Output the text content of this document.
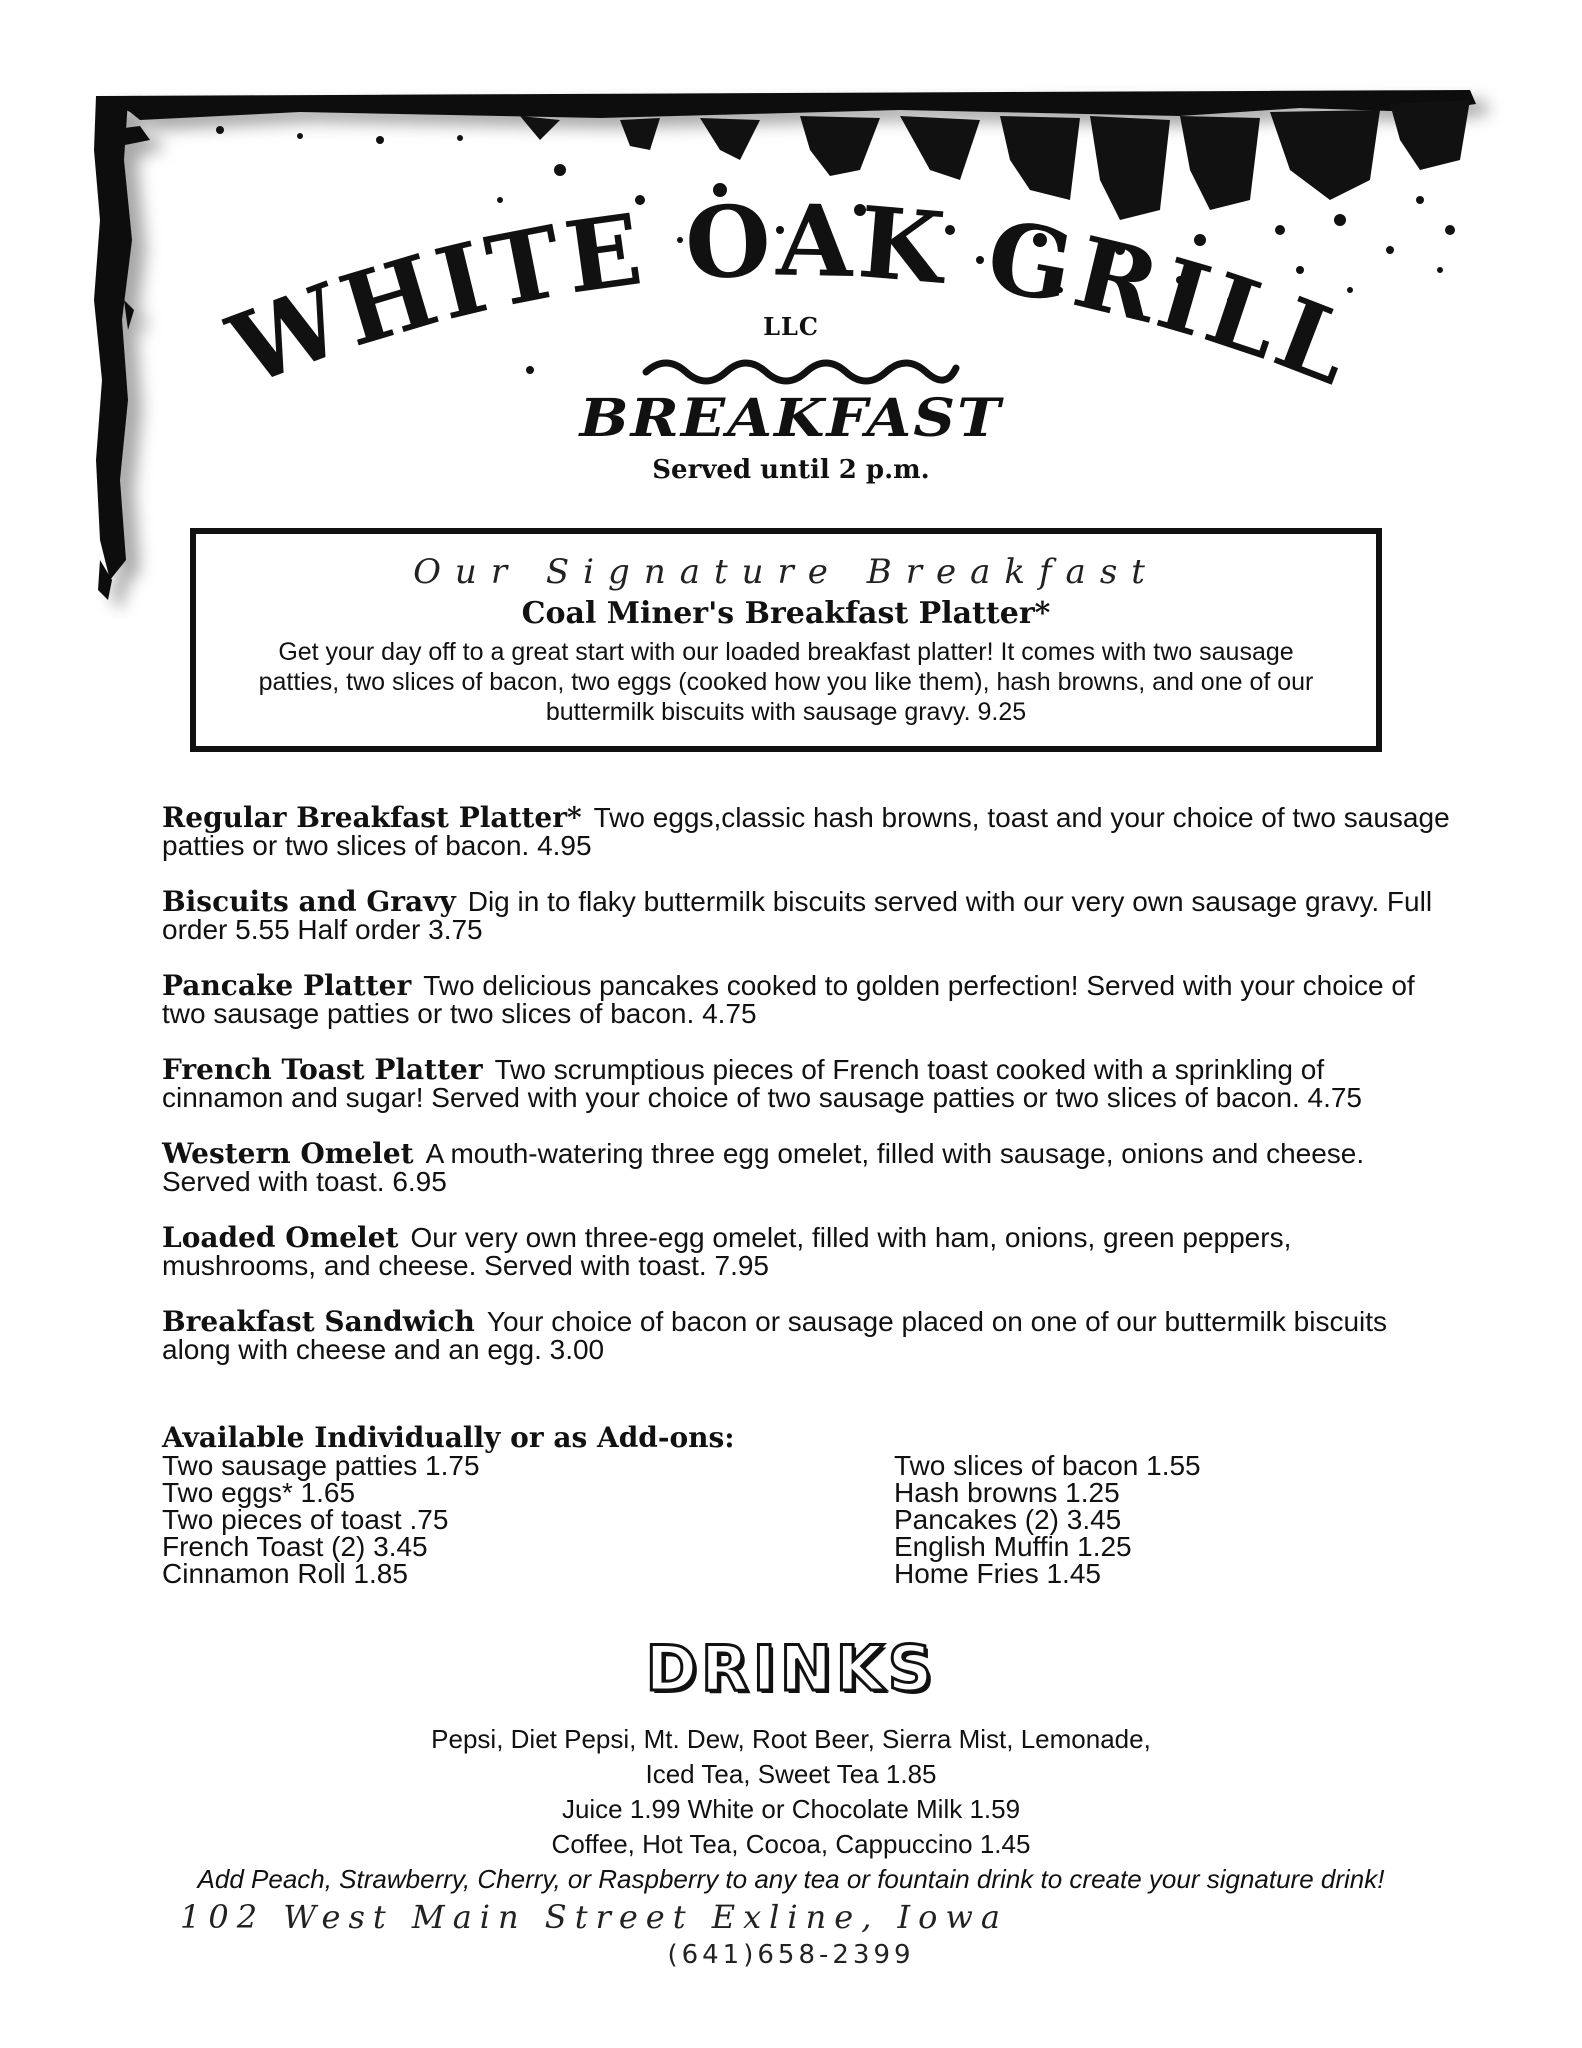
WHITE OAK GRILL
LLC
BREAKFAST
Served until 2 p.m.
Our Signature Breakfast
Coal Miner's Breakfast Platter*
Get your day off to a great start with our loaded breakfast platter! It comes with two sausage patties, two slices of bacon, two eggs (cooked how you like them), hash browns, and one of our buttermilk biscuits with sausage gravy. 9.25
Regular Breakfast Platter* Two eggs,classic hash browns, toast and your choice of two sausage patties or two slices of bacon. 4.95
Biscuits and Gravy Dig in to flaky buttermilk biscuits served with our very own sausage gravy. Full order 5.55 Half order 3.75
Pancake Platter Two delicious pancakes cooked to golden perfection! Served with your choice of two sausage patties or two slices of bacon. 4.75
French Toast Platter Two scrumptious pieces of French toast cooked with a sprinkling of cinnamon and sugar! Served with your choice of two sausage patties or two slices of bacon. 4.75
Western Omelet A mouth-watering three egg omelet, filled with sausage, onions and cheese. Served with toast. 6.95
Loaded Omelet Our very own three-egg omelet, filled with ham, onions, green peppers, mushrooms, and cheese. Served with toast. 7.95
Breakfast Sandwich Your choice of bacon or sausage placed on one of our buttermilk biscuits along with cheese and an egg. 3.00
Available Individually or as Add-ons:
Two sausage patties 1.75
Two eggs* 1.65
Two pieces of toast .75
French Toast (2) 3.45
Cinnamon Roll 1.85
Two slices of bacon 1.55
Hash browns 1.25
Pancakes (2) 3.45
English Muffin 1.25
Home Fries 1.45
DRINKS
Pepsi, Diet Pepsi, Mt. Dew, Root Beer, Sierra Mist, Lemonade,
Iced Tea, Sweet Tea 1.85
Juice 1.99 White or Chocolate Milk 1.59
Coffee, Hot Tea, Cocoa, Cappuccino 1.45
Add Peach, Strawberry, Cherry, or Raspberry to any tea or fountain drink to create your signature drink!
102 West Main Street Exline, Iowa
(641)658-2399
